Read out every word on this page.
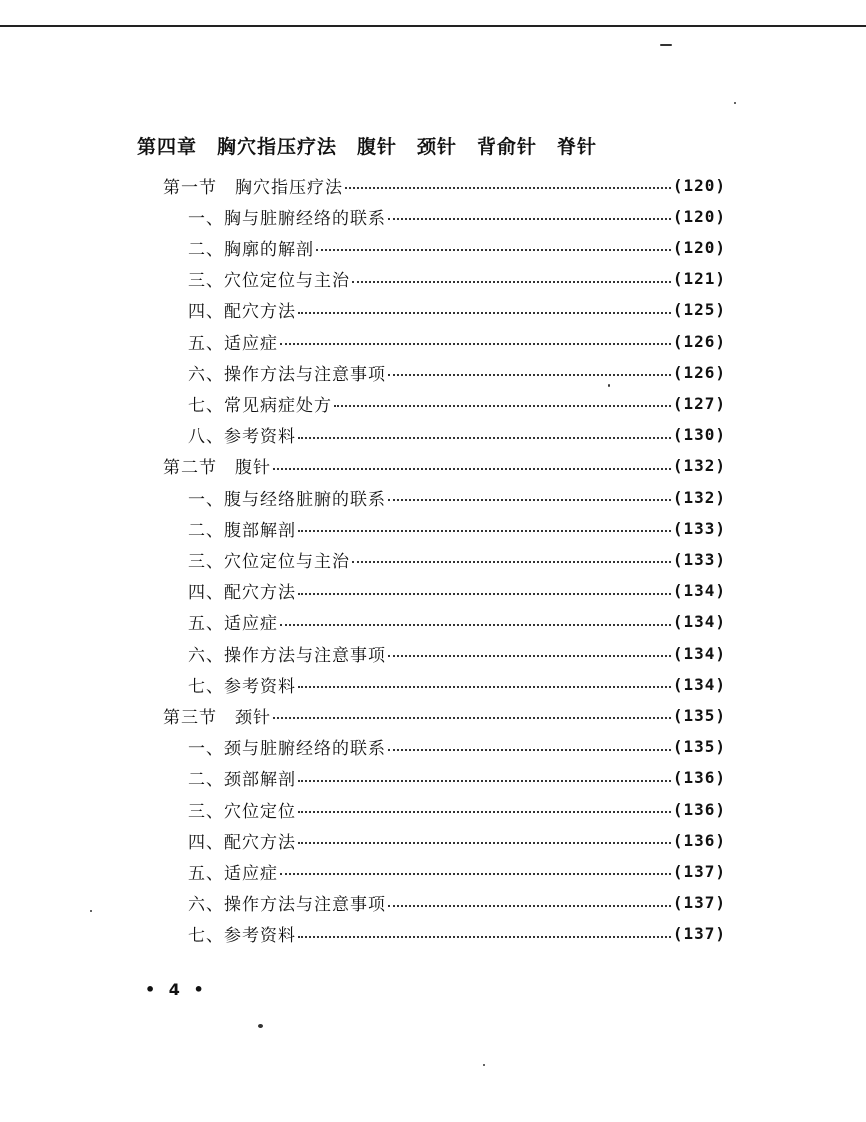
第四章　胸穴指压疗法　腹针　颈针　背俞针　脊针
第一节　胸穴指压疗法	(120)
一、胸与脏腑经络的联系	(120)
二、胸廓的解剖	(120)
三、穴位定位与主治	(121)
四、配穴方法	(125)
五、适应症	(126)
六、操作方法与注意事项	(126)
七、常见病症处方	(127)
八、参考资料	(130)
第二节　腹针	(132)
一、腹与经络脏腑的联系	(132)
二、腹部解剖	(133)
三、穴位定位与主治	(133)
四、配穴方法	(134)
五、适应症	(134)
六、操作方法与注意事项	(134)
七、参考资料	(134)
第三节　颈针	(135)
一、颈与脏腑经络的联系	(135)
二、颈部解剖	(136)
三、穴位定位	(136)
四、配穴方法	(136)
五、适应症	(137)
六、操作方法与注意事项	(137)
七、参考资料	(137)
• 4 •
